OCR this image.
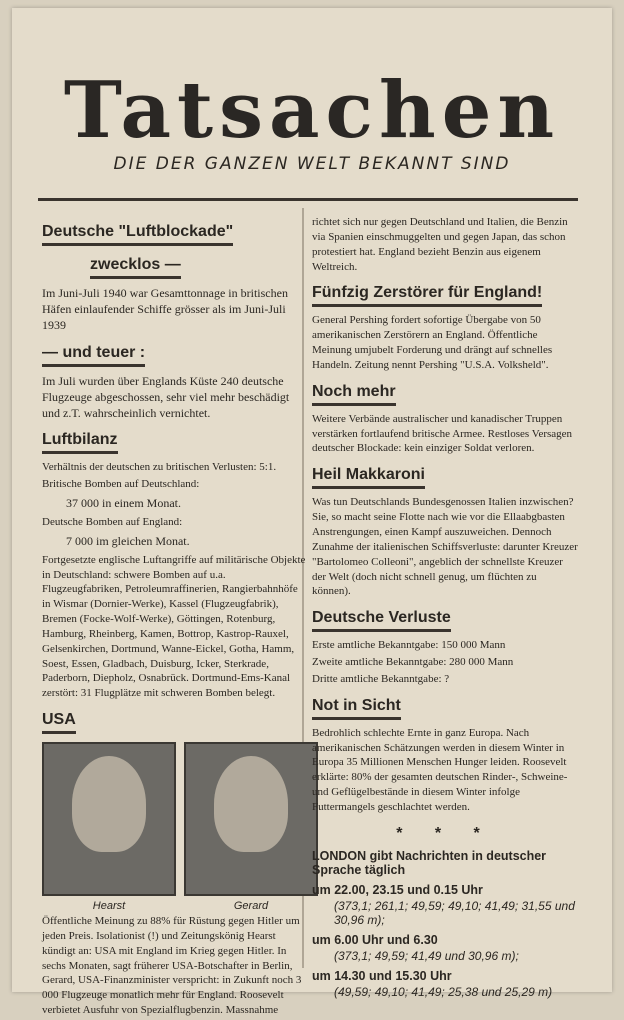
Tatsachen
DIE DER GANZEN WELT BEKANNT SIND
Deutsche "Luftblockade"
zwecklos —

Im Juni-Juli 1940 war Gesamttonnage in britischen Häfen einlaufender Schiffe grösser als im Juni-Juli 1939

— und teuer :

Im Juli wurden über Englands Küste 240 deutsche Flugzeuge abgeschossen, sehr viel mehr beschädigt und z.T. wahrscheinlich vernichtet.

Luftbilanz

Verhältnis der deutschen zu britischen Verlusten: 5:1.

Britische Bomben auf Deutschland:

37 000 in einem Monat.

Deutsche Bomben auf England:

7 000 im gleichen Monat.

Fortgesetzte englische Luftangriffe auf militärische Objekte in Deutschland: schwere Bomben auf u.a. Flugzeugfabriken, Petroleumraffinerien, Rangierbahnhöfe in Wismar (Dornier-Werke), Kassel (Flugzeugfabrik), Bremen (Focke-Wolf-Werke), Göttingen, Rotenburg, Hamburg, Rheinberg, Kamen, Bottrop, Kastrop-Rauxel, Gelsenkirchen, Dortmund, Wanne-Eickel, Gotha, Hamm, Soest, Essen, Gladbach, Duisburg, Icker, Sterkrade, Paderborn, Diepholz, Osnabrück. Dortmund-Ems-Kanal zerstört: 31 Flugplätze mit schweren Bomben belegt.

USA
Hearst	Gerard

Öffentliche Meinung zu 88% für Rüstung gegen Hitler um jeden Preis. Isolationist (!) und Zeitungskönig Hearst kündigt an: USA mit England im Krieg gegen Hitler. In sechs Monaten, sagt früherer USA-Botschafter in Berlin, Gerard, USA-Finanzminister verspricht: in Zukunft noch 3 000 Flugzeuge monatlich mehr für England. Roosevelt verbietet Ausfuhr von Spezialflugbenzin. Massnahme

richtet sich nur gegen Deutschland und Italien, die Benzin via Spanien einschmuggelten und gegen Japan, das schon protestiert hat. England bezieht Benzin aus eigenem Weltreich.

Fünfzig Zerstörer für England!

General Pershing fordert sofortige Übergabe von 50 amerikanischen Zerstörern an England. Öffentliche Meinung umjubelt Forderung und drängt auf schnelles Handeln. Zeitung nennt Pershing "U.S.A. Volksheld".

Noch mehr

Weitere Verbände australischer und kanadischer Truppen verstärken fortlaufend britische Armee. Restloses Versagen deutscher Blockade: kein einziger Soldat verloren.

Heil Makkaroni

Was tun Deutschlands Bundesgenossen Italien inzwischen? Sie, so macht seine Flotte nach wie vor die Ellaabgbasten Anstrengungen, einen Kampf auszuweichen. Dennoch Zunahme der italienischen Schiffsverluste: darunter Kreuzer "Bartolomeo Colleoni", angeblich der schnellste Kreuzer der Welt (doch nicht schnell genug, um flüchten zu können).

Deutsche Verluste

Erste amtliche Bekanntgabe: 150 000 Mann

Zweite amtliche Bekanntgabe: 280 000 Mann

Dritte amtliche Bekanntgabe: ?

Not in Sicht

Bedrohlich schlechte Ernte in ganz Europa. Nach amerikanischen Schätzungen werden in diesem Winter in Europa 35 Millionen Menschen Hunger leiden. Roosevelt erklärte: 80% der gesamten deutschen Rinder-, Schweine- und Geflügelbestände in diesem Winter infolge Futtermangels geschlachtet werden.

* * *
LONDON gibt Nachrichten in deutscher Sprache täglich
um 22.00, 23.15 und 0.15 Uhr
(373,1; 261,1; 49,59; 49,10; 41,49; 31,55 und 30,96 m);
um 6.00 Uhr und 6.30
(373,1; 49,59; 41,49 und 30,96 m);
um 14.30 und 15.30 Uhr
(49,59; 49,10; 41,49; 25,38 und 25,29 m)
